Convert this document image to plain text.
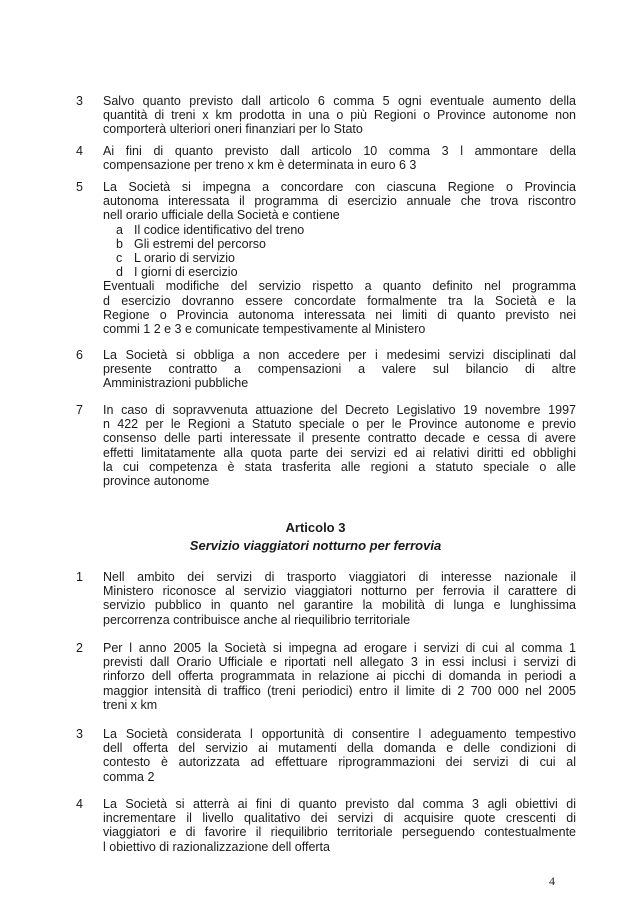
3	Salvo quanto previsto dall articolo 6 comma 5 ogni eventuale aumento della
quantità di treni x km prodotta in una o più Regioni o Province autonome non
comporterà ulteriori oneri finanziari per lo Stato
4	Ai fini di quanto previsto dall articolo 10 comma 3 l ammontare della
compensazione per treno x km è determinata in euro 6 3
5	La Società si impegna a concordare con ciascuna Regione o Provincia
autonoma interessata il programma di esercizio annuale che trova riscontro
nell orario ufficiale della Società e contiene
a Il codice identificativo del treno
b Gli estremi del percorso
c L orario di servizio
d I giorni di esercizio
Eventuali modifiche del servizio rispetto a quanto definito nel programma
d esercizio dovranno essere concordate formalmente tra la Società e la
Regione o Provincia autonoma interessata nei limiti di quanto previsto nei
commi 1 2 e 3 e comunicate tempestivamente al Ministero
6	La Società si obbliga a non accedere per i medesimi servizi disciplinati dal
presente contratto a compensazioni a valere sul bilancio di altre
Amministrazioni pubbliche
7	In caso di sopravvenuta attuazione del Decreto Legislativo 19 novembre 1997
n 422 per le Regioni a Statuto speciale o per le Province autonome e previo
consenso delle parti interessate il presente contratto decade e cessa di avere
effetti limitatamente alla quota parte dei servizi ed ai relativi diritti ed obblighi
la cui competenza è stata trasferita alle regioni a statuto speciale o alle
province autonome
Articolo 3
Servizio viaggiatori notturno per ferrovia
1	Nell ambito dei servizi di trasporto viaggiatori di interesse nazionale il
Ministero riconosce al servizio viaggiatori notturno per ferrovia il carattere di
servizio pubblico in quanto nel garantire la mobilità di lunga e lunghissima
percorrenza contribuisce anche al riequilibrio territoriale
2	Per l anno 2005 la Società si impegna ad erogare i servizi di cui al comma 1
previsti dall Orario Ufficiale e riportati nell allegato 3 in essi inclusi i servizi di
rinforzo dell offerta programmata in relazione ai picchi di domanda in periodi a
maggior intensità di traffico (treni periodici) entro il limite di 2 700 000 nel 2005
treni x km
3	La Società considerata l opportunità di consentire l adeguamento tempestivo
dell offerta del servizio ai mutamenti della domanda e delle condizioni di
contesto è autorizzata ad effettuare riprogrammazioni dei servizi di cui al
comma 2
4	La Società si atterrà ai fini di quanto previsto dal comma 3 agli obiettivi di
incrementare il livello qualitativo dei servizi di acquisire quote crescenti di
viaggiatori e di favorire il riequilibrio territoriale perseguendo contestualmente
l obiettivo di razionalizzazione dell offerta
4
